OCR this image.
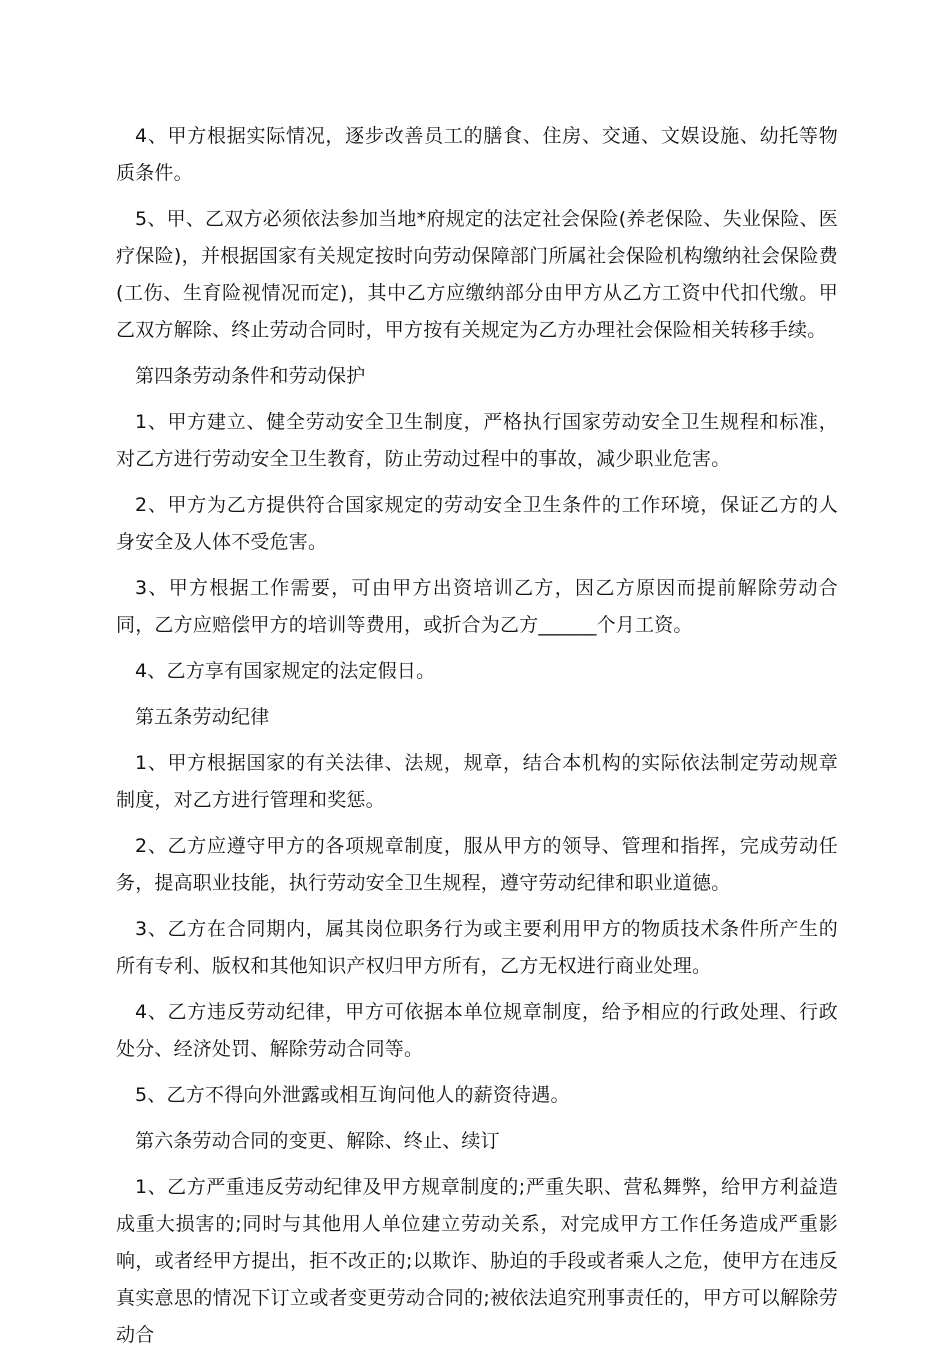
4、甲方根据实际情况，逐步改善员工的膳食、住房、交通、文娱设施、幼托等物质条件。

5、甲、乙双方必须依法参加当地*府规定的法定社会保险(养老保险、失业保险、医疗保险)，并根据国家有关规定按时向劳动保障部门所属社会保险机构缴纳社会保险费(工伤、生育险视情况而定)，其中乙方应缴纳部分由甲方从乙方工资中代扣代缴。甲乙双方解除、终止劳动合同时，甲方按有关规定为乙方办理社会保险相关转移手续。

第四条劳动条件和劳动保护

1、甲方建立、健全劳动安全卫生制度，严格执行国家劳动安全卫生规程和标准，对乙方进行劳动安全卫生教育，防止劳动过程中的事故，减少职业危害。

2、甲方为乙方提供符合国家规定的劳动安全卫生条件的工作环境，保证乙方的人身安全及人体不受危害。

3、甲方根据工作需要，可由甲方出资培训乙方，因乙方原因而提前解除劳动合同，乙方应赔偿甲方的培训等费用，或折合为乙方______个月工资。

4、乙方享有国家规定的法定假日。

第五条劳动纪律

1、甲方根据国家的有关法律、法规，规章，结合本机构的实际依法制定劳动规章制度，对乙方进行管理和奖惩。

2、乙方应遵守甲方的各项规章制度，服从甲方的领导、管理和指挥，完成劳动任务，提高职业技能，执行劳动安全卫生规程，遵守劳动纪律和职业道德。

3、乙方在合同期内，属其岗位职务行为或主要利用甲方的物质技术条件所产生的所有专利、版权和其他知识产权归甲方所有，乙方无权进行商业处理。

4、乙方违反劳动纪律，甲方可依据本单位规章制度，给予相应的行政处理、行政处分、经济处罚、解除劳动合同等。

5、乙方不得向外泄露或相互询问他人的薪资待遇。

第六条劳动合同的变更、解除、终止、续订

1、乙方严重违反劳动纪律及甲方规章制度的;严重失职、营私舞弊，给甲方利益造成重大损害的;同时与其他用人单位建立劳动关系，对完成甲方工作任务造成严重影响，或者经甲方提出，拒不改正的;以欺诈、胁迫的手段或者乘人之危，使甲方在违反真实意思的情况下订立或者变更劳动合同的;被依法追究刑事责任的，甲方可以解除劳动合
